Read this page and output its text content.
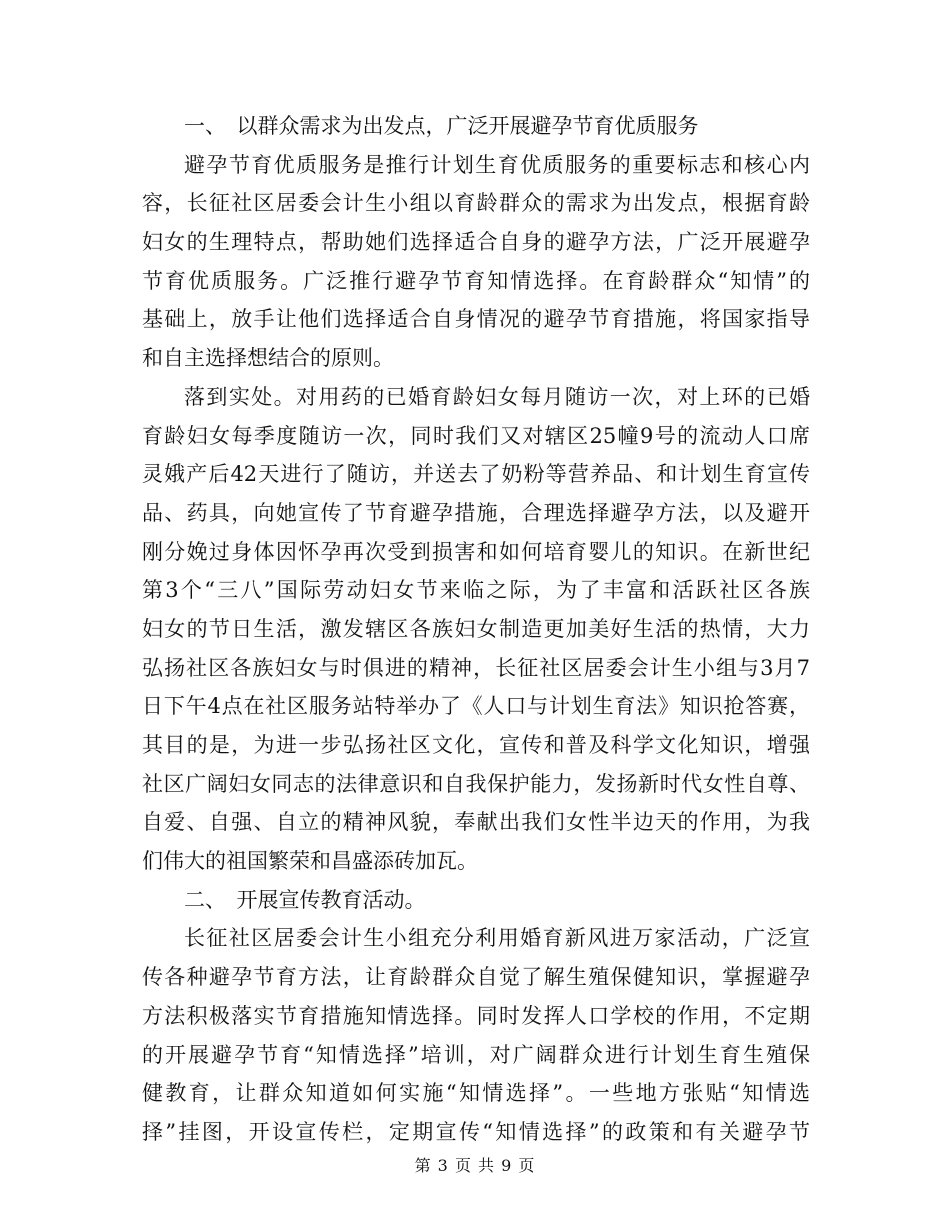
一、　以群众需求为出发点，广泛开展避孕节育优质服务
避孕节育优质服务是推行计划生育优质服务的重要标志和核心内
容，长征社区居委会计生小组以育龄群众的需求为出发点，根据育龄
妇女的生理特点，帮助她们选择适合自身的避孕方法，广泛开展避孕
节育优质服务。广泛推行避孕节育知情选择。在育龄群众“知情”的
基础上，放手让他们选择适合自身情况的避孕节育措施，将国家指导
和自主选择想结合的原则。
落到实处。对用药的已婚育龄妇女每月随访一次，对上环的已婚
育龄妇女每季度随访一次，同时我们又对辖区25幢9号的流动人口席
灵娥产后42天进行了随访，并送去了奶粉等营养品、和计划生育宣传
品、药具，向她宣传了节育避孕措施，合理选择避孕方法，以及避开
刚分娩过身体因怀孕再次受到损害和如何培育婴儿的知识。在新世纪
第3个“三八”国际劳动妇女节来临之际，为了丰富和活跃社区各族
妇女的节日生活，激发辖区各族妇女制造更加美好生活的热情，大力
弘扬社区各族妇女与时俱进的精神，长征社区居委会计生小组与3月7
日下午4点在社区服务站特举办了《人口与计划生育法》知识抢答赛，
其目的是，为进一步弘扬社区文化，宣传和普及科学文化知识，增强
社区广阔妇女同志的法律意识和自我保护能力，发扬新时代女性自尊、
自爱、自强、自立的精神风貌，奉献出我们女性半边天的作用，为我
们伟大的祖国繁荣和昌盛添砖加瓦。
二、　开展宣传教育活动。
长征社区居委会计生小组充分利用婚育新风进万家活动，广泛宣
传各种避孕节育方法，让育龄群众自觉了解生殖保健知识，掌握避孕
方法积极落实节育措施知情选择。同时发挥人口学校的作用，不定期
的开展避孕节育“知情选择”培训，对广阔群众进行计划生育生殖保
健教育，让群众知道如何实施“知情选择”。一些地方张贴“知情选
择”挂图，开设宣传栏，定期宣传“知情选择”的政策和有关避孕节
第 3 页 共 9 页
